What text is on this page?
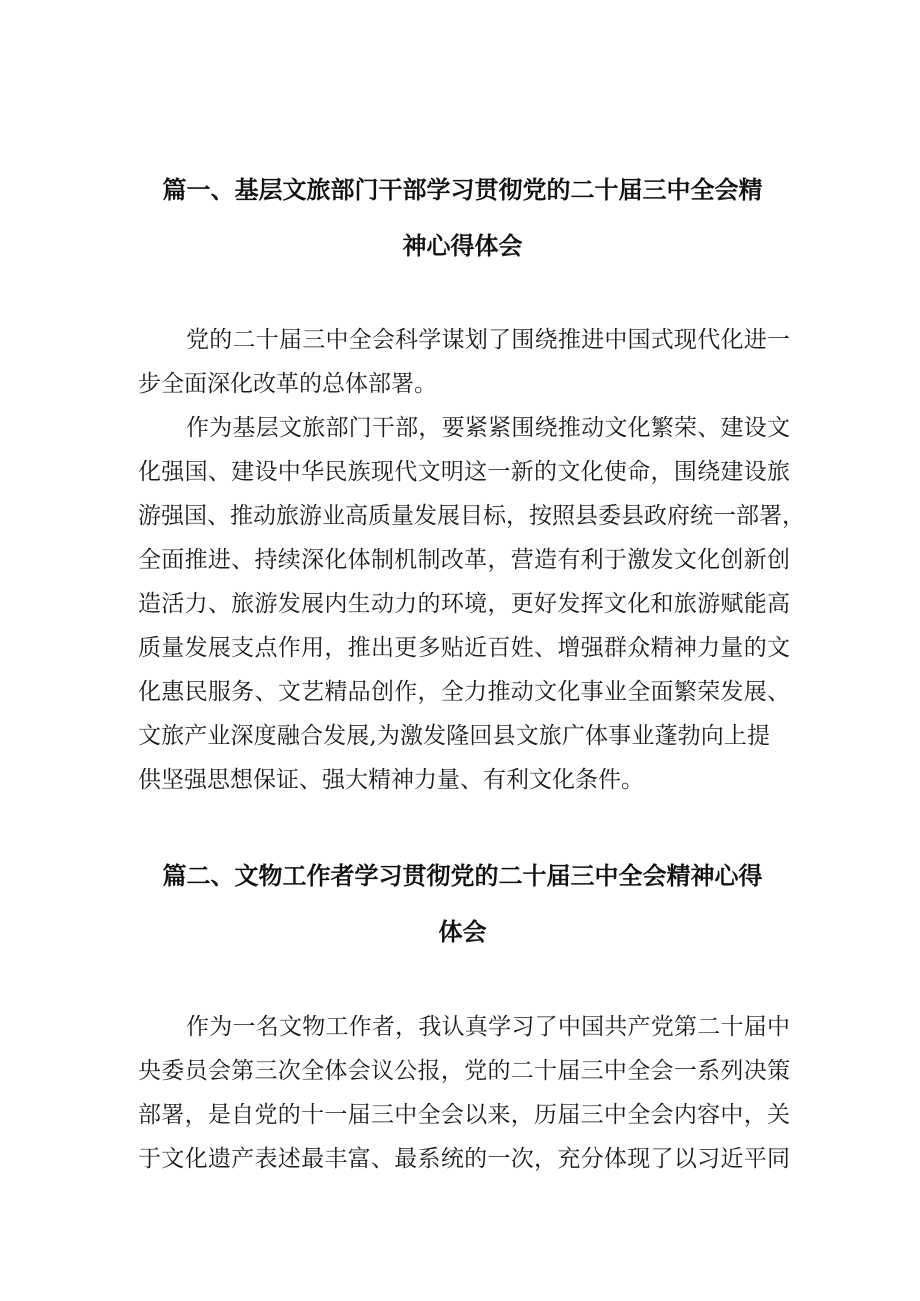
篇一、基层文旅部门干部学习贯彻党的二十届三中全会精
神心得体会
党的二十届三中全会科学谋划了围绕推进中国式现代化进一
步全面深化改革的总体部署。
作为基层文旅部门干部，要紧紧围绕推动文化繁荣、建设文
化强国、建设中华民族现代文明这一新的文化使命，围绕建设旅
游强国、推动旅游业高质量发展目标，按照县委县政府统一部署，
全面推进、持续深化体制机制改革，营造有利于激发文化创新创
造活力、旅游发展内生动力的环境，更好发挥文化和旅游赋能高
质量发展支点作用，推出更多贴近百姓、增强群众精神力量的文
化惠民服务、文艺精品创作，全力推动文化事业全面繁荣发展、
文旅产业深度融合发展,为激发隆回县文旅广体事业蓬勃向上提
供坚强思想保证、强大精神力量、有利文化条件。
篇二、文物工作者学习贯彻党的二十届三中全会精神心得
体会
作为一名文物工作者，我认真学习了中国共产党第二十届中
央委员会第三次全体会议公报，党的二十届三中全会一系列决策
部署，是自党的十一届三中全会以来，历届三中全会内容中，关
于文化遗产表述最丰富、最系统的一次，充分体现了以习近平同
